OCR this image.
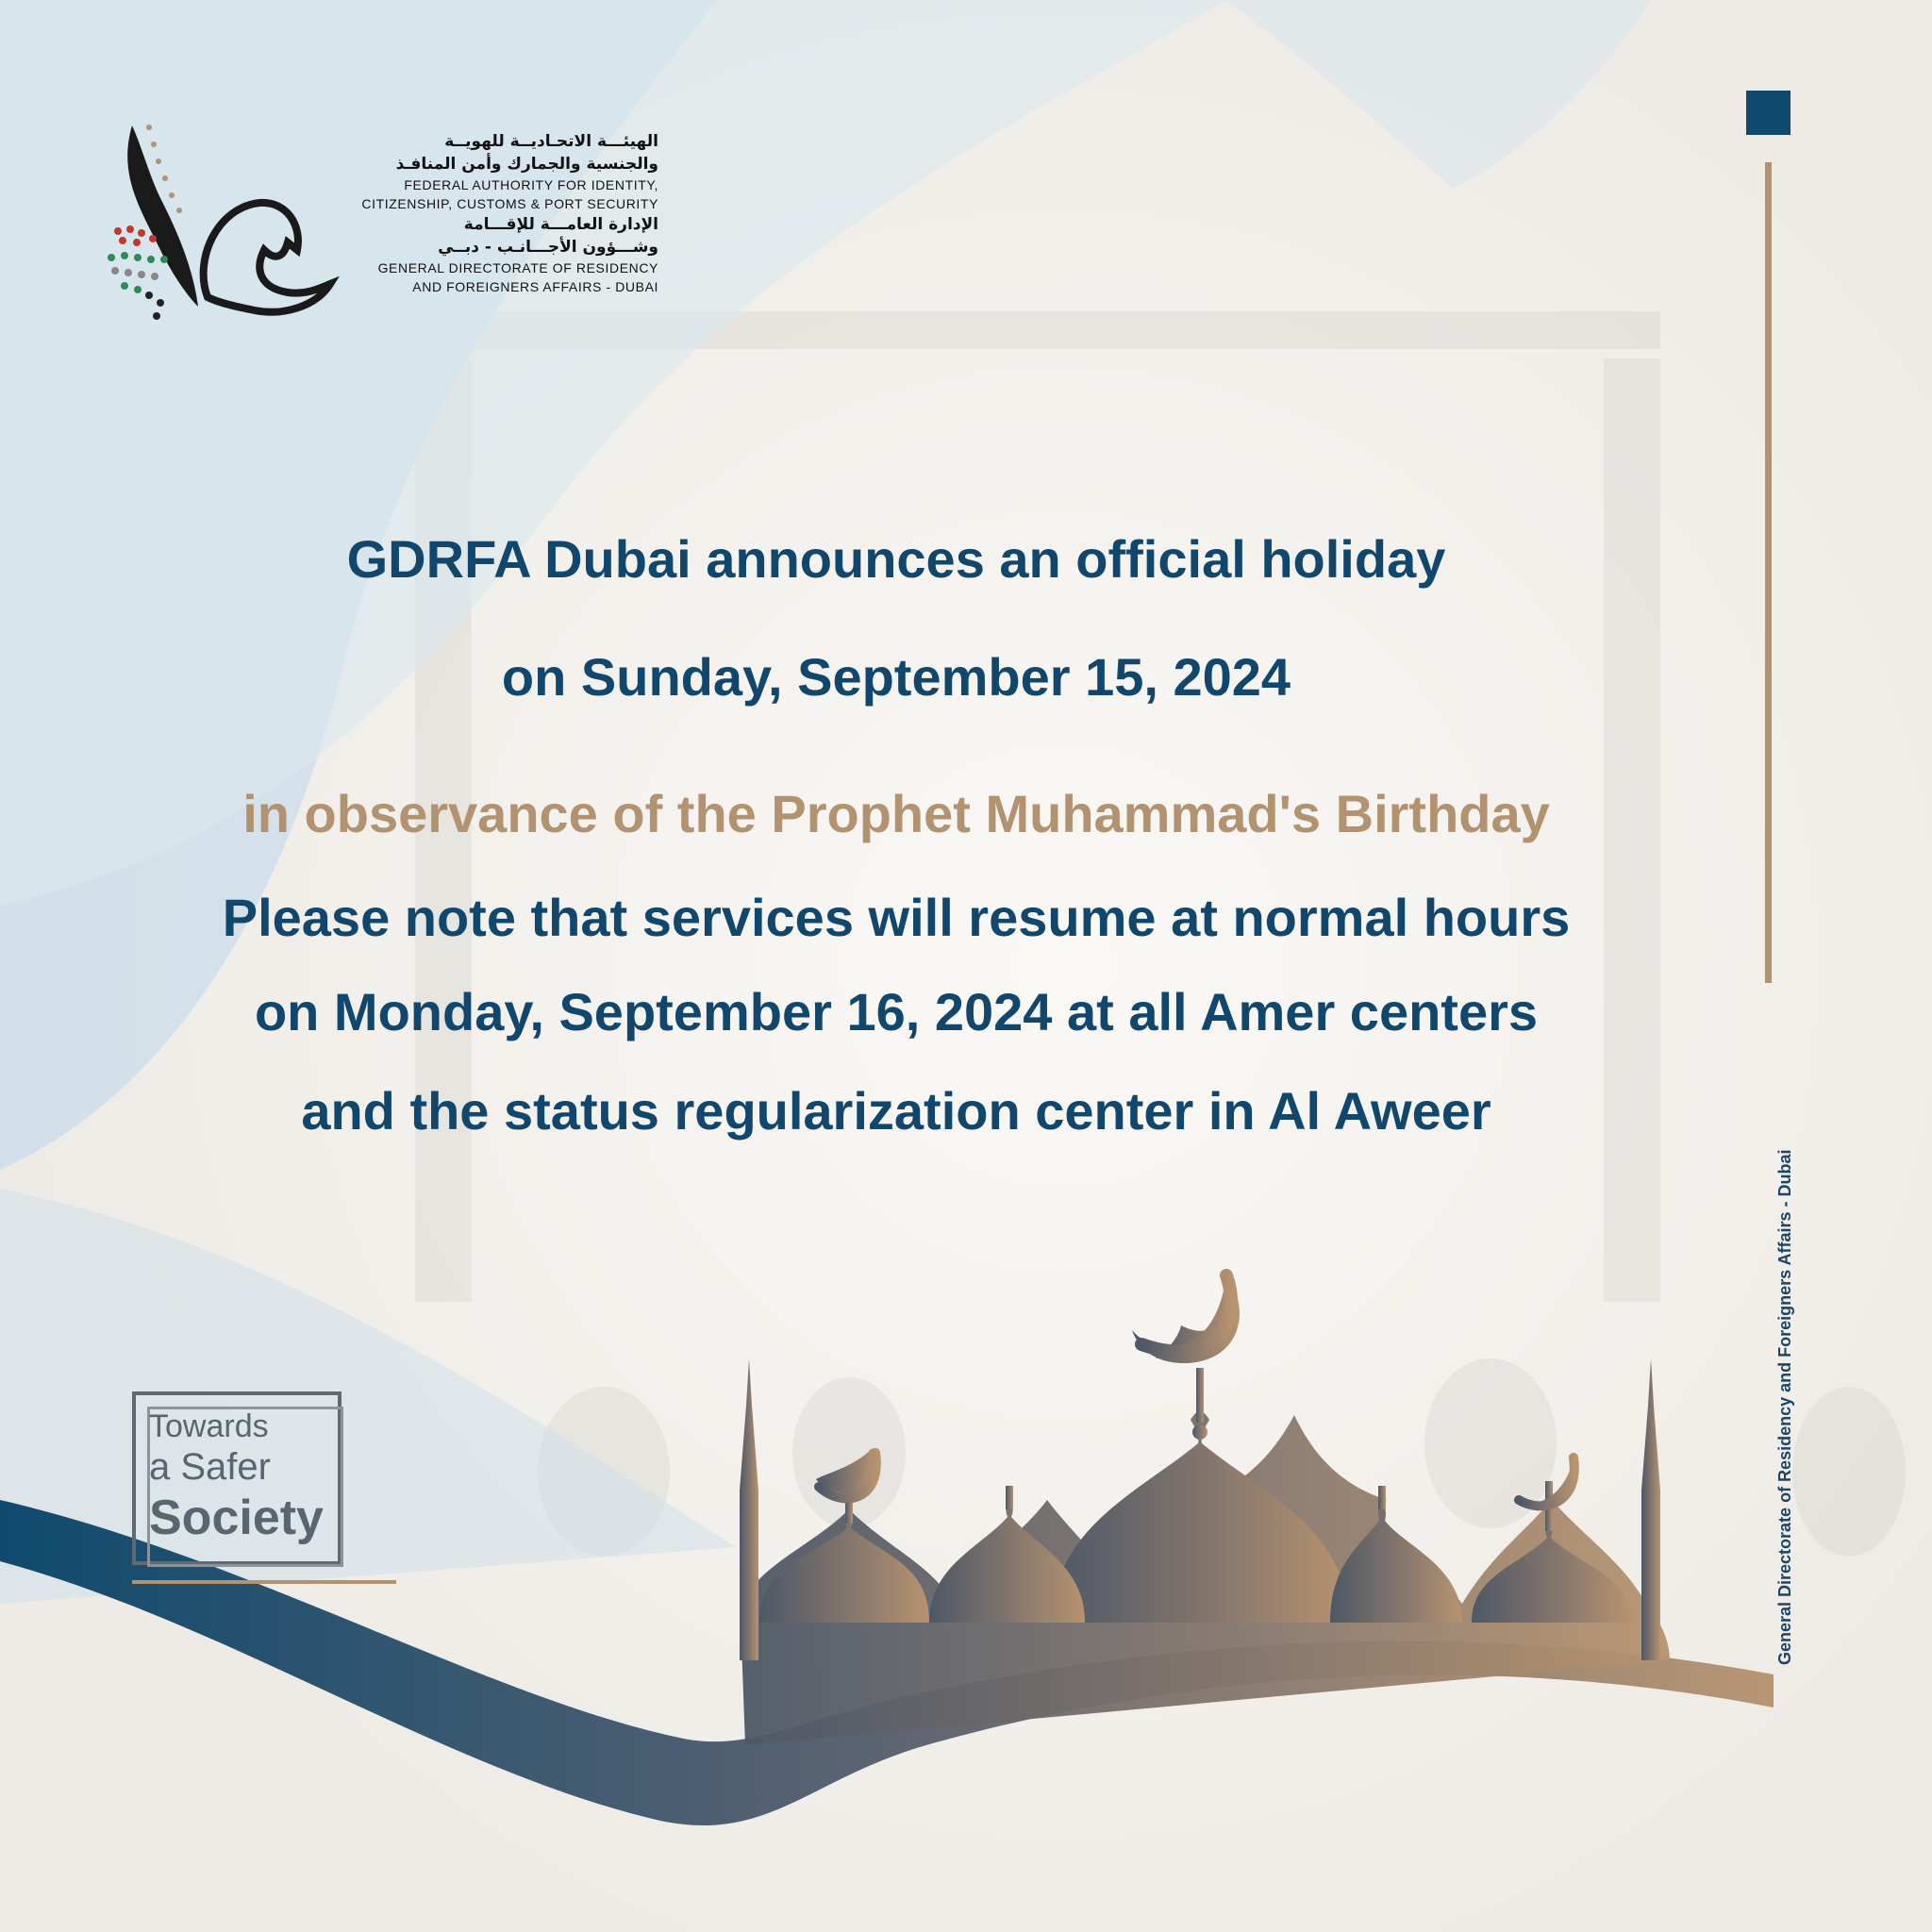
الهيئـــة الاتحـاديــة للهويــة
والجنسية والجمارك وأمن المنافـذ
FEDERAL AUTHORITY FOR IDENTITY,
CITIZENSHIP, CUSTOMS & PORT SECURITY
الإدارة العامـــة للإقـــامة
وشـــؤون الأجـــانـب - دبــي
GENERAL DIRECTORATE OF RESIDENCY
AND FOREIGNERS AFFAIRS - DUBAI

GDRFA Dubai announces an official holiday

on Sunday, September 15, 2024

in observance of the Prophet Muhammad's Birthday

Please note that services will resume at normal hours

on Monday, September 16, 2024 at all Amer centers

and the status regularization center in Al Aweer

General Directorate of Residency and Foreigners Affairs - Dubai
Towards
a Safer
Society
